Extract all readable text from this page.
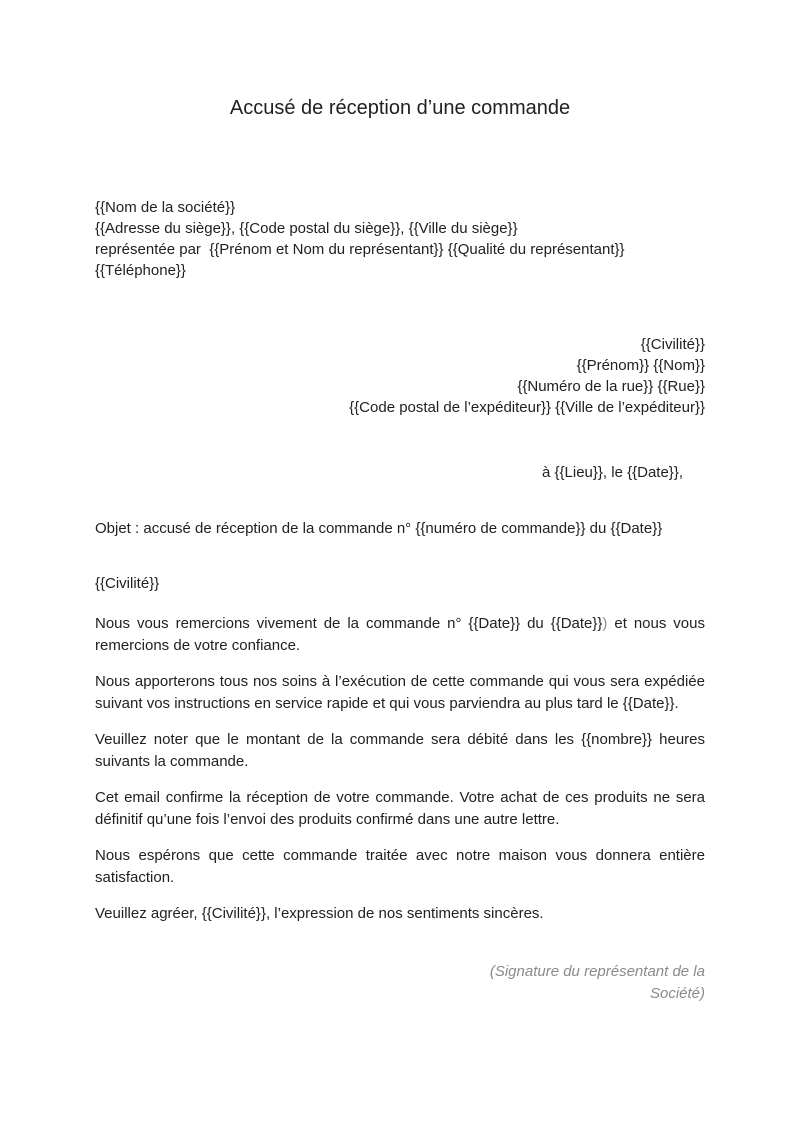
Accusé de réception d’une commande
{{Nom de la société}}
{{Adresse du siège}}, {{Code postal du siège}}, {{Ville du siège}}
représentée par  {{Prénom et Nom du représentant}} {{Qualité du représentant}}
{{Téléphone}}
{{Civilité}}
{{Prénom}} {{Nom}}
{{Numéro de la rue}} {{Rue}}
{{Code postal de l’expéditeur}} {{Ville de l’expéditeur}}
à {{Lieu}}, le {{Date}},
Objet : accusé de réception de la commande n° {{numéro de commande}} du {{Date}}
{{Civilité}}

Nous vous remercions vivement de la commande n° {{Date}} du {{Date}}) et nous vous remercions de votre confiance.

Nous apporterons tous nos soins à l’exécution de cette commande qui vous sera expédiée suivant vos instructions en service rapide et qui vous parviendra au plus tard le {{Date}}.

Veuillez noter que le montant de la commande sera débité dans les {{nombre}} heures suivants la commande.

Cet email confirme la réception de votre commande. Votre achat de ces produits ne sera définitif qu’une fois l’envoi des produits confirmé dans une autre lettre.

Nous espérons que cette commande traitée avec notre maison vous donnera entière satisfaction.

Veuillez agréer, {{Civilité}}, l’expression de nos sentiments sincères.

(Signature du représentant de la Société)
